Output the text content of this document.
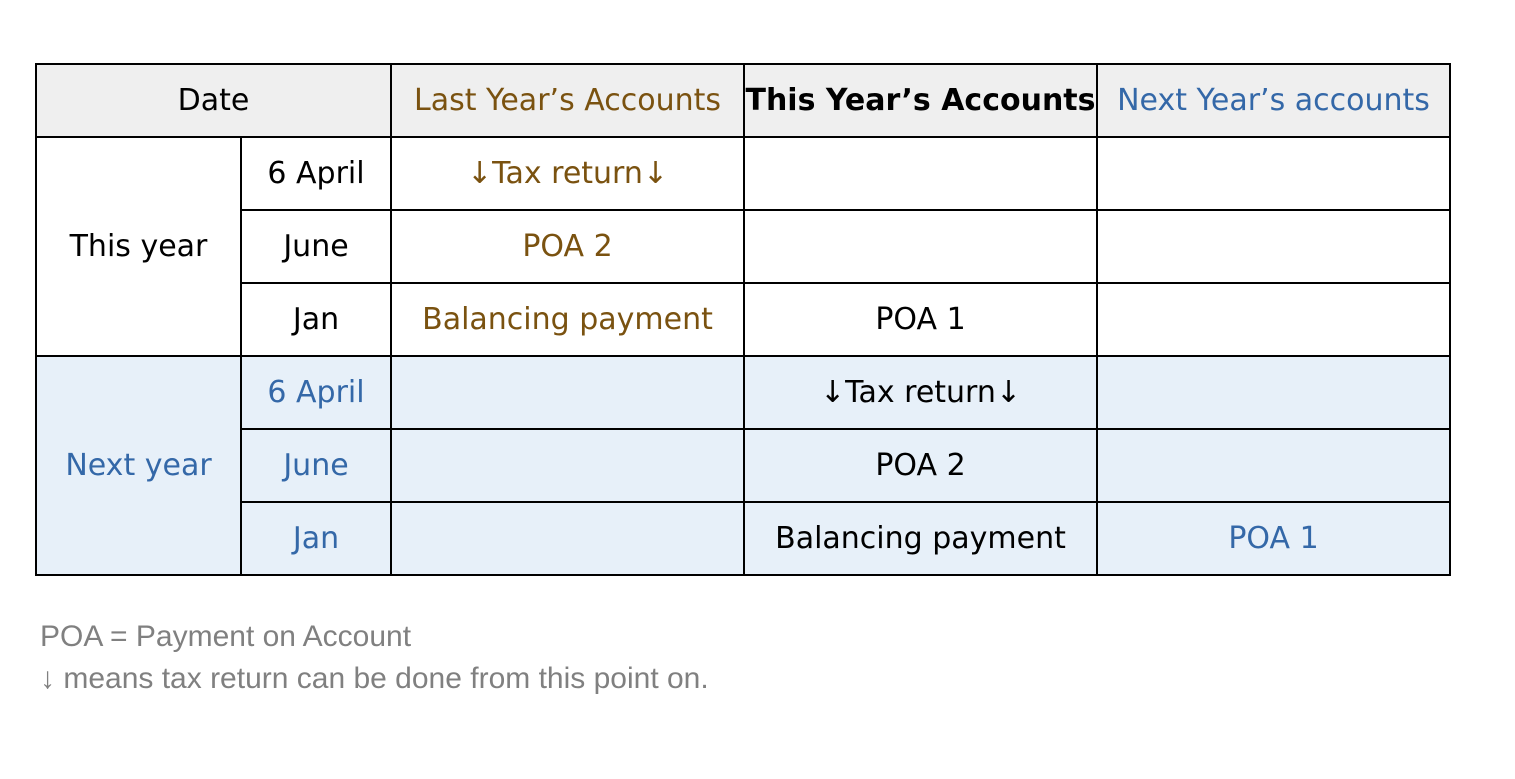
Date		Last Year’s Accounts	This Year’s Accounts	Next Year’s accounts
This year	6 April	↓Tax return↓		
	June	POA 2		
	Jan	Balancing payment	POA 1	
Next year	6 April		↓Tax return↓	
	June		POA 2	
	Jan		Balancing payment	POA 1
POA = Payment on Account
↓ means tax return can be done from this point on.
